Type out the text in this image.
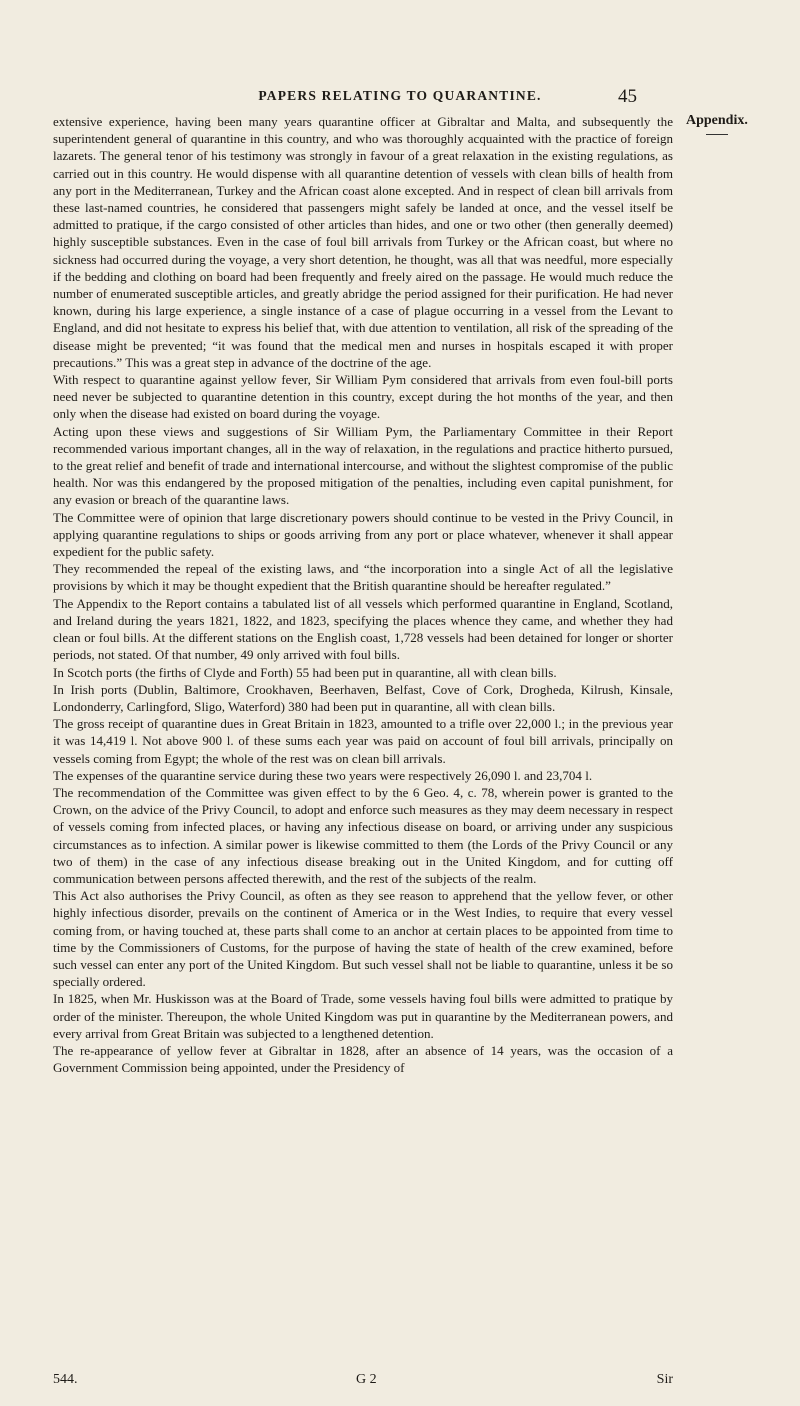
PAPERS RELATING TO QUARANTINE.	45
Appendix.

extensive experience, having been many years quarantine officer at Gibraltar and Malta, and subsequently the superintendent general of quarantine in this country, and who was thoroughly acquainted with the practice of foreign lazarets. The general tenor of his testimony was strongly in favour of a great relaxation in the existing regulations, as carried out in this country. He would dispense with all quarantine detention of vessels with clean bills of health from any port in the Mediterranean, Turkey and the African coast alone excepted. And in respect of clean bill arrivals from these last-named countries, he considered that passengers might safely be landed at once, and the vessel itself be admitted to pratique, if the cargo consisted of other articles than hides, and one or two other (then generally deemed) highly susceptible substances. Even in the case of foul bill arrivals from Turkey or the African coast, but where no sickness had occurred during the voyage, a very short detention, he thought, was all that was needful, more especially if the bedding and clothing on board had been frequently and freely aired on the passage. He would much reduce the number of enumerated susceptible articles, and greatly abridge the period assigned for their purification. He had never known, during his large experience, a single instance of a case of plague occurring in a vessel from the Levant to England, and did not hesitate to express his belief that, with due attention to ventilation, all risk of the spreading of the disease might be prevented; “it was found that the medical men and nurses in hospitals escaped it with proper precautions.” This was a great step in advance of the doctrine of the age.

With respect to quarantine against yellow fever, Sir William Pym considered that arrivals from even foul-bill ports need never be subjected to quarantine detention in this country, except during the hot months of the year, and then only when the disease had existed on board during the voyage.

Acting upon these views and suggestions of Sir William Pym, the Parliamentary Committee in their Report recommended various important changes, all in the way of relaxation, in the regulations and practice hitherto pursued, to the great relief and benefit of trade and international intercourse, and without the slightest compromise of the public health. Nor was this endangered by the proposed mitigation of the penalties, including even capital punishment, for any evasion or breach of the quarantine laws.

The Committee were of opinion that large discretionary powers should continue to be vested in the Privy Council, in applying quarantine regulations to ships or goods arriving from any port or place whatever, whenever it shall appear expedient for the public safety.

They recommended the repeal of the existing laws, and “the incorporation into a single Act of all the legislative provisions by which it may be thought expedient that the British quarantine should be hereafter regulated.”

The Appendix to the Report contains a tabulated list of all vessels which performed quarantine in England, Scotland, and Ireland during the years 1821, 1822, and 1823, specifying the places whence they came, and whether they had clean or foul bills. At the different stations on the English coast, 1,728 vessels had been detained for longer or shorter periods, not stated. Of that number, 49 only arrived with foul bills.

In Scotch ports (the firths of Clyde and Forth) 55 had been put in quarantine, all with clean bills.

In Irish ports (Dublin, Baltimore, Crookhaven, Beerhaven, Belfast, Cove of Cork, Drogheda, Kilrush, Kinsale, Londonderry, Carlingford, Sligo, Waterford) 380 had been put in quarantine, all with clean bills.

The gross receipt of quarantine dues in Great Britain in 1823, amounted to a trifle over 22,000 l.; in the previous year it was 14,419 l. Not above 900 l. of these sums each year was paid on account of foul bill arrivals, principally on vessels coming from Egypt; the whole of the rest was on clean bill arrivals.

The expenses of the quarantine service during these two years were respectively 26,090 l. and 23,704 l.

The recommendation of the Committee was given effect to by the 6 Geo. 4, c. 78, wherein power is granted to the Crown, on the advice of the Privy Council, to adopt and enforce such measures as they may deem necessary in respect of vessels coming from infected places, or having any infectious disease on board, or arriving under any suspicious circumstances as to infection. A similar power is likewise committed to them (the Lords of the Privy Council or any two of them) in the case of any infectious disease breaking out in the United Kingdom, and for cutting off communication between persons affected therewith, and the rest of the subjects of the realm.

This Act also authorises the Privy Council, as often as they see reason to apprehend that the yellow fever, or other highly infectious disorder, prevails on the continent of America or in the West Indies, to require that every vessel coming from, or having touched at, these parts shall come to an anchor at certain places to be appointed from time to time by the Commissioners of Customs, for the purpose of having the state of health of the crew examined, before such vessel can enter any port of the United Kingdom. But such vessel shall not be liable to quarantine, unless it be so specially ordered.

In 1825, when Mr. Huskisson was at the Board of Trade, some vessels having foul bills were admitted to pratique by order of the minister. Thereupon, the whole United Kingdom was put in quarantine by the Mediterranean powers, and every arrival from Great Britain was subjected to a lengthened detention.

The re-appearance of yellow fever at Gibraltar in 1828, after an absence of 14 years, was the occasion of a Government Commission being appointed, under the Presidency of

544.	G 2	Sir
